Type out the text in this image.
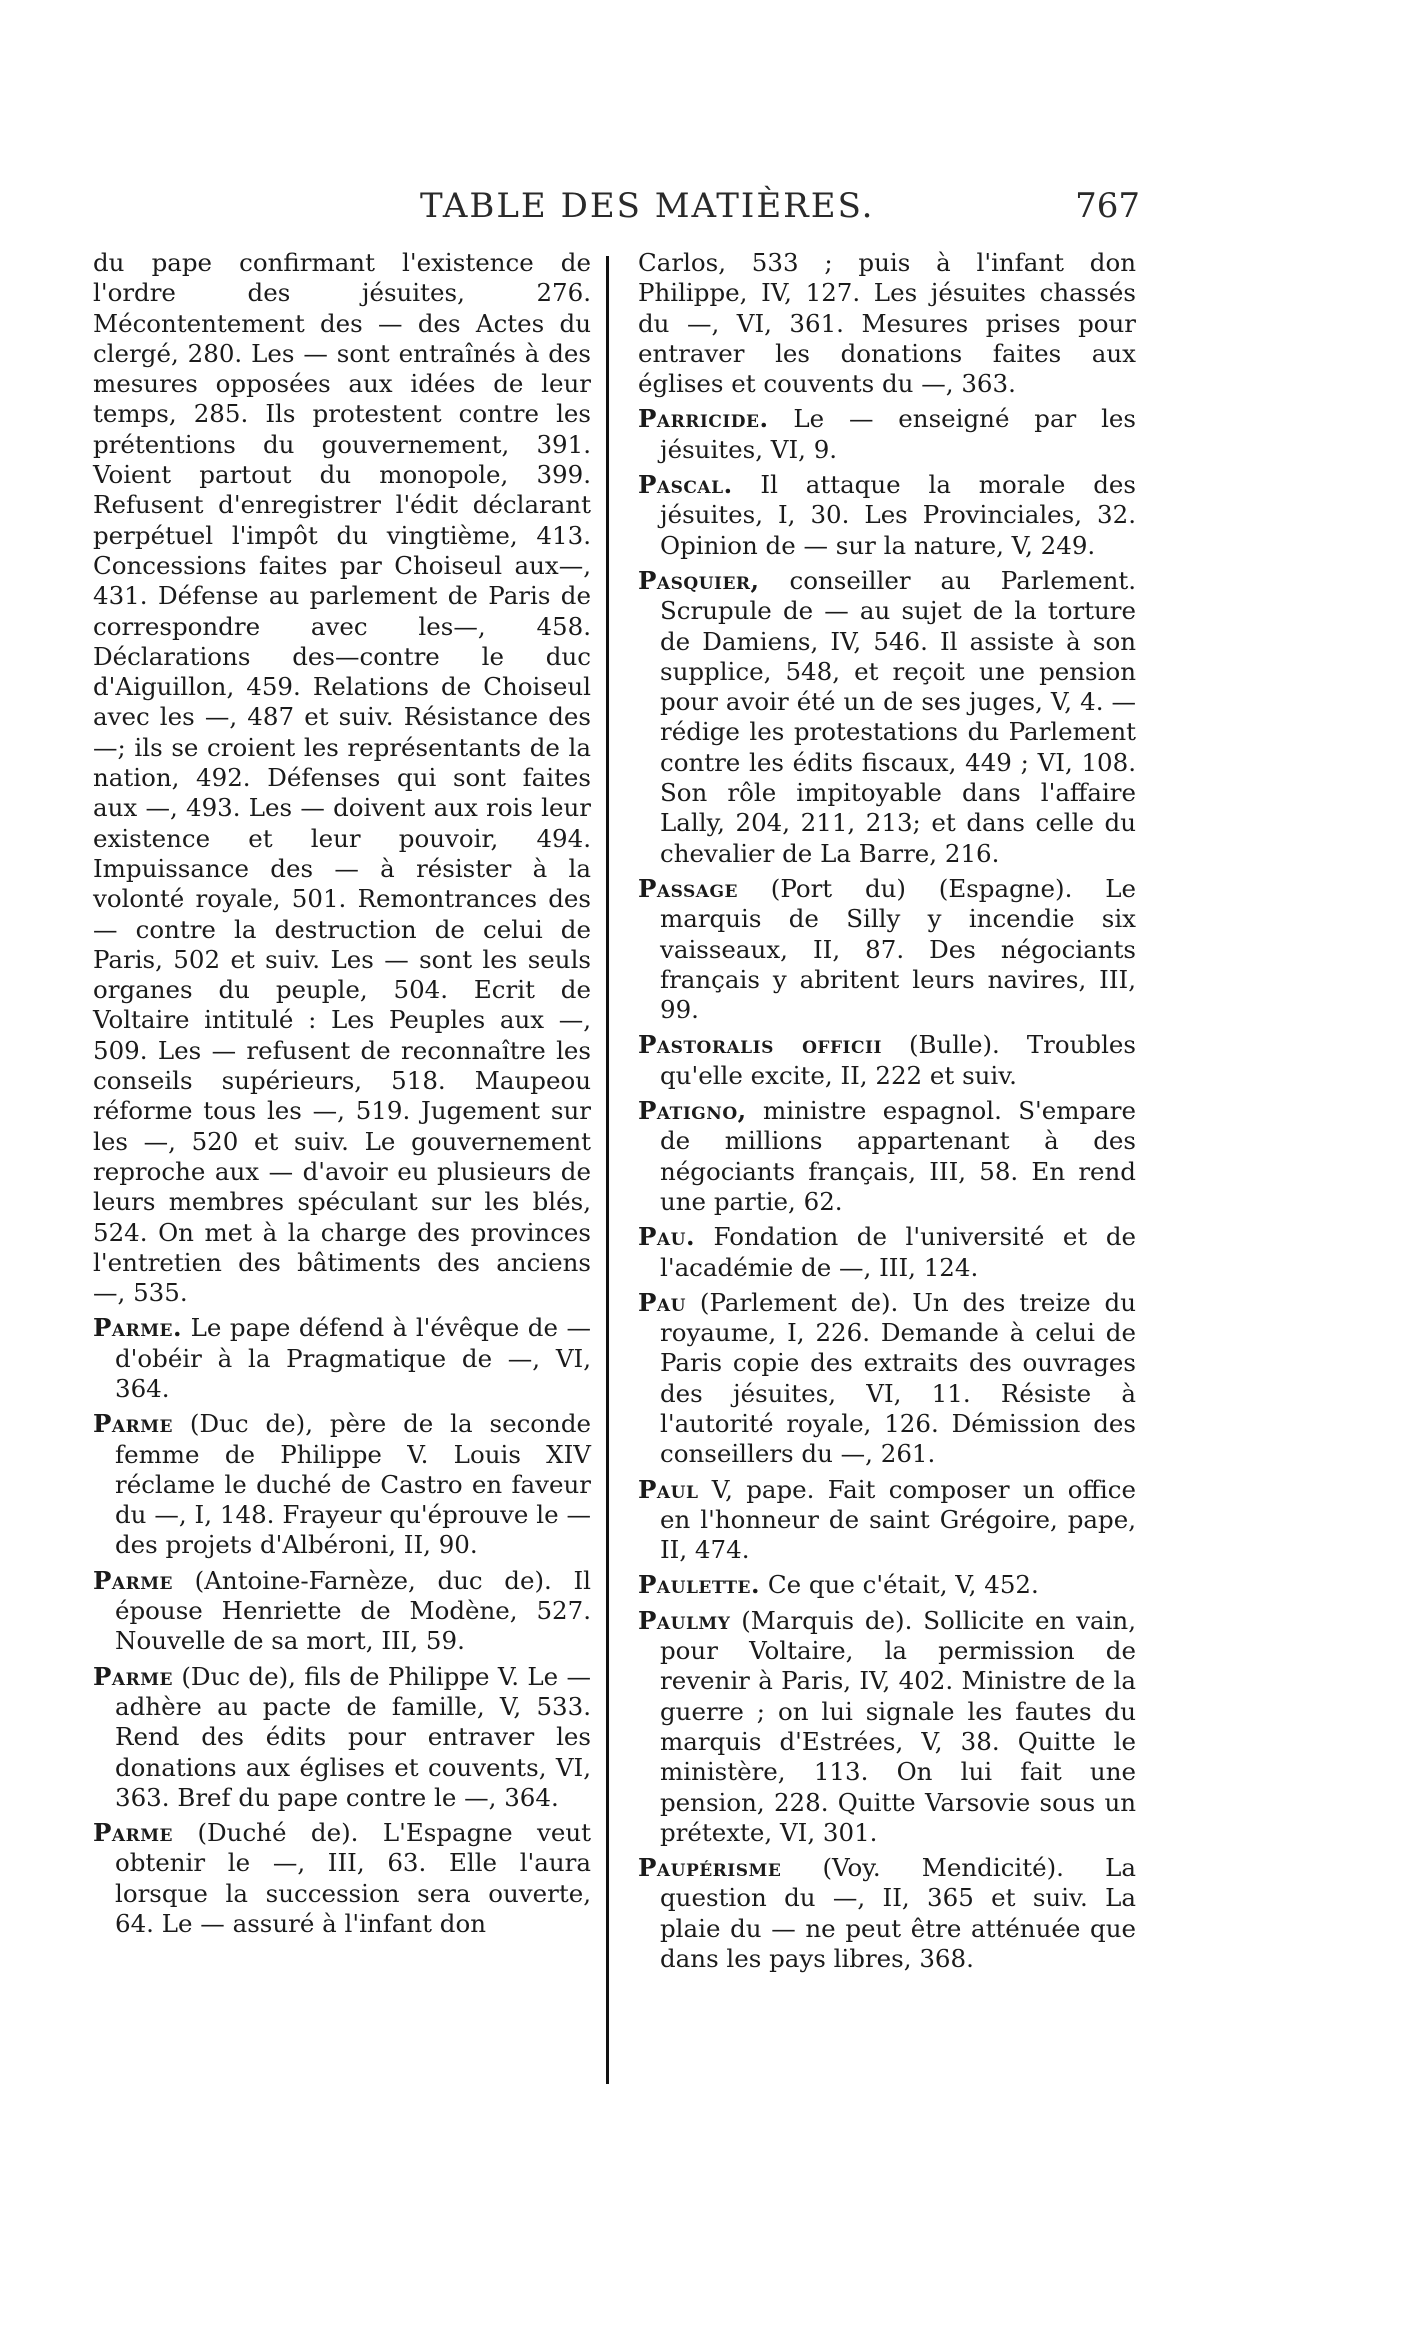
TABLE DES MATIÈRES.	767

du pape confirmant l'existence de l'ordre des jésuites, 276. Mécontentement des — des Actes du clergé, 280. Les — sont entraînés à des mesures opposées aux idées de leur temps, 285. Ils protestent contre les prétentions du gouvernement, 391. Voient partout du monopole, 399. Refusent d'enregistrer l'édit déclarant perpétuel l'impôt du vingtième, 413. Concessions faites par Choiseul aux—, 431. Défense au parlement de Paris de correspondre avec les—, 458. Déclarations des—contre le duc d'Aiguillon, 459. Relations de Choiseul avec les —, 487 et suiv. Résistance des —; ils se croient les représentants de la nation, 492. Défenses qui sont faites aux —, 493. Les — doivent aux rois leur existence et leur pouvoir, 494. Impuissance des — à résister à la volonté royale, 501. Remontrances des — contre la destruction de celui de Paris, 502 et suiv. Les — sont les seuls organes du peuple, 504. Ecrit de Voltaire intitulé : Les Peuples aux —, 509. Les — refusent de reconnaître les conseils supérieurs, 518. Maupeou réforme tous les —, 519. Jugement sur les —, 520 et suiv. Le gouvernement reproche aux — d'avoir eu plusieurs de leurs membres spéculant sur les blés, 524. On met à la charge des provinces l'entretien des bâtiments des anciens —, 535.

Parme. Le pape défend à l'évêque de — d'obéir à la Pragmatique de —, VI, 364.

Parme (Duc de), père de la seconde femme de Philippe V. Louis XIV réclame le duché de Castro en faveur du —, I, 148. Frayeur qu'éprouve le — des projets d'Albéroni, II, 90.

Parme (Antoine-Farnèze, duc de). Il épouse Henriette de Modène, 527. Nouvelle de sa mort, III, 59.

Parme (Duc de), fils de Philippe V. Le — adhère au pacte de famille, V, 533. Rend des édits pour entraver les donations aux églises et couvents, VI, 363. Bref du pape contre le —, 364.

Parme (Duché de). L'Espagne veut obtenir le —, III, 63. Elle l'aura lorsque la succession sera ouverte, 64. Le — assuré à l'infant don

Carlos, 533 ; puis à l'infant don Philippe, IV, 127. Les jésuites chassés du —, VI, 361. Mesures prises pour entraver les donations faites aux églises et couvents du —, 363.

Parricide. Le — enseigné par les jésuites, VI, 9.

Pascal. Il attaque la morale des jésuites, I, 30. Les Provinciales, 32. Opinion de — sur la nature, V, 249.

Pasquier, conseiller au Parlement. Scrupule de — au sujet de la torture de Damiens, IV, 546. Il assiste à son supplice, 548, et reçoit une pension pour avoir été un de ses juges, V, 4. — rédige les protestations du Parlement contre les édits fiscaux, 449 ; VI, 108. Son rôle impitoyable dans l'affaire Lally, 204, 211, 213; et dans celle du chevalier de La Barre, 216.

Passage (Port du) (Espagne). Le marquis de Silly y incendie six vaisseaux, II, 87. Des négociants français y abritent leurs navires, III, 99.

Pastoralis officii (Bulle). Troubles qu'elle excite, II, 222 et suiv.

Patigno, ministre espagnol. S'empare de millions appartenant à des négociants français, III, 58. En rend une partie, 62.

Pau. Fondation de l'université et de l'académie de —, III, 124.

Pau (Parlement de). Un des treize du royaume, I, 226. Demande à celui de Paris copie des extraits des ouvrages des jésuites, VI, 11. Résiste à l'autorité royale, 126. Démission des conseillers du —, 261.

Paul V, pape. Fait composer un office en l'honneur de saint Grégoire, pape, II, 474.

Paulette. Ce que c'était, V, 452.

Paulmy (Marquis de). Sollicite en vain, pour Voltaire, la permission de revenir à Paris, IV, 402. Ministre de la guerre ; on lui signale les fautes du marquis d'Estrées, V, 38. Quitte le ministère, 113. On lui fait une pension, 228. Quitte Varsovie sous un prétexte, VI, 301.

Paupérisme (Voy. Mendicité). La question du —, II, 365 et suiv. La plaie du — ne peut être atténuée que dans les pays libres, 368.
